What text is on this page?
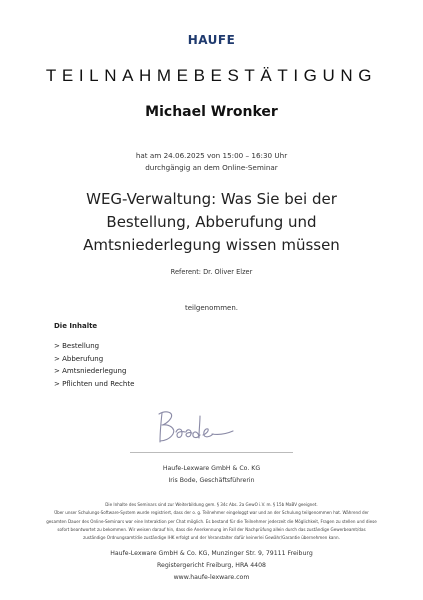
HAUFE
TEILNAHMEBESTÄTIGUNG
Michael Wronker
hat am 24.06.2025 von 15:00 – 16:30 Uhr
durchgängig an dem Online-Seminar
WEG-Verwaltung: Was Sie bei der Bestellung, Abberufung und Amtsniederlegung wissen müssen
Referent: Dr. Oliver Elzer
teilgenommen.
Die Inhalte
> Bestellung
> Abberufung
> Amtsniederlegung
> Pflichten und Rechte
Haufe-Lexware GmbH & Co. KG
Iris Bode, Geschäftsführerin
Die Inhalte des Seminars sind zur Weiterbildung gem. § 34c Abs. 2a GewO i.V. m. § 15b MaBV geeignet.
Über unser Schulungs-Software-System wurde registriert, dass der o. g. Teilnehmer eingeloggt war und an der Schulung teilgenommen hat. Während der
gesamten Dauer des Online-Seminars war eine Interaktion per Chat möglich. Es bestand für die Teilnehmer jederzeit die Möglichkeit, Fragen zu stellen und diese
sofort beantwortet zu bekommen. Wir weisen darauf hin, dass die Anerkennung im Fall der Nachprüfung allein durch das zuständige Gewerbeamt/das
zuständige Ordnungsamt/die zuständige IHK erfolgt und der Veranstalter dafür keinerlei Gewähr/Garantie übernehmen kann.
Haufe-Lexware GmbH & Co. KG, Munzinger Str. 9, 79111 Freiburg
Registergericht Freiburg, HRA 4408
www.haufe-lexware.com
